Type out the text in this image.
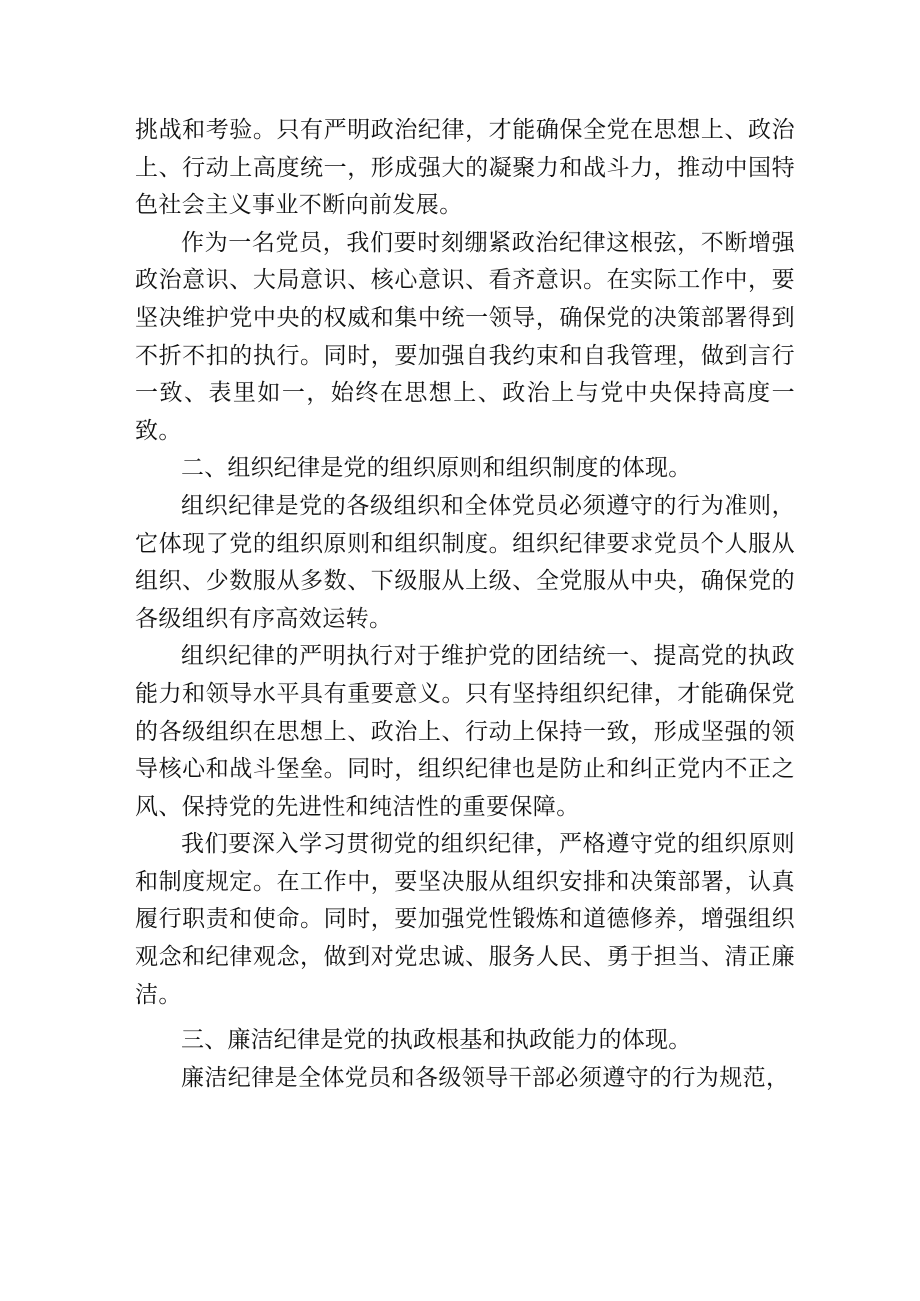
挑战和考验。只有严明政治纪律，才能确保全党在思想上、政治上、行动上高度统一，形成强大的凝聚力和战斗力，推动中国特色社会主义事业不断向前发展。

作为一名党员，我们要时刻绷紧政治纪律这根弦，不断增强政治意识、大局意识、核心意识、看齐意识。在实际工作中，要坚决维护党中央的权威和集中统一领导，确保党的决策部署得到不折不扣的执行。同时，要加强自我约束和自我管理，做到言行一致、表里如一，始终在思想上、政治上与党中央保持高度一致。

二、组织纪律是党的组织原则和组织制度的体现。

组织纪律是党的各级组织和全体党员必须遵守的行为准则，它体现了党的组织原则和组织制度。组织纪律要求党员个人服从组织、少数服从多数、下级服从上级、全党服从中央，确保党的各级组织有序高效运转。

组织纪律的严明执行对于维护党的团结统一、提高党的执政能力和领导水平具有重要意义。只有坚持组织纪律，才能确保党的各级组织在思想上、政治上、行动上保持一致，形成坚强的领导核心和战斗堡垒。同时，组织纪律也是防止和纠正党内不正之风、保持党的先进性和纯洁性的重要保障。

我们要深入学习贯彻党的组织纪律，严格遵守党的组织原则和制度规定。在工作中，要坚决服从组织安排和决策部署，认真履行职责和使命。同时，要加强党性锻炼和道德修养，增强组织观念和纪律观念，做到对党忠诚、服务人民、勇于担当、清正廉洁。

三、廉洁纪律是党的执政根基和执政能力的体现。

廉洁纪律是全体党员和各级领导干部必须遵守的行为规范，
